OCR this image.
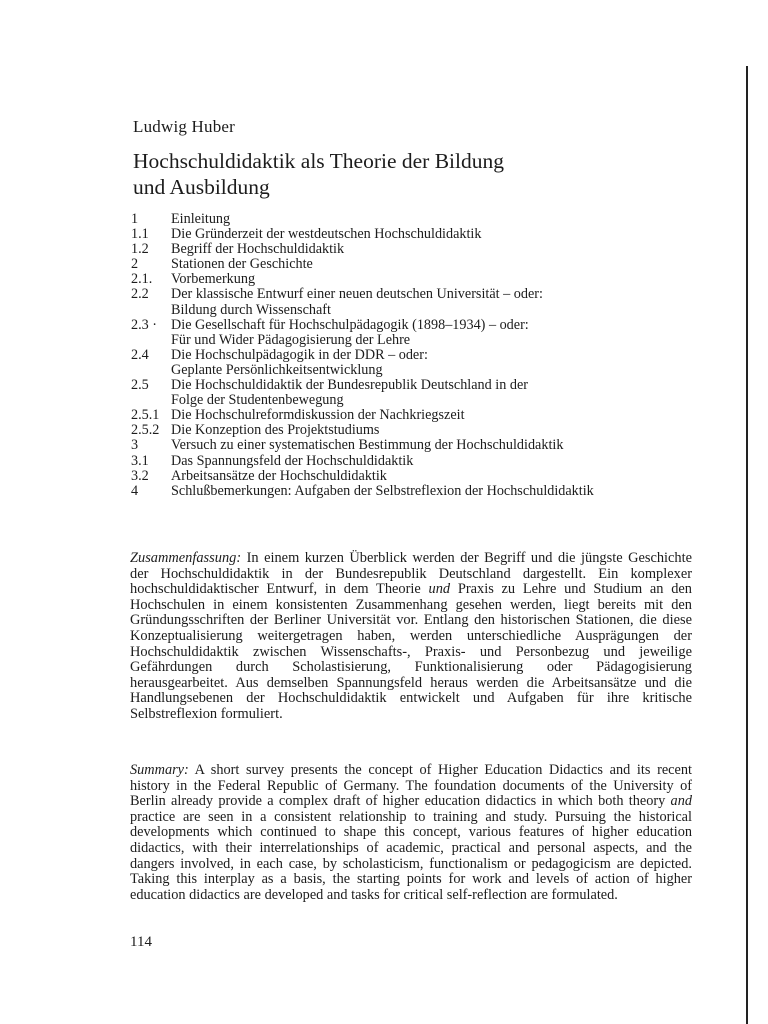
Ludwig Huber
Hochschuldidaktik als Theorie der Bildung
und Ausbildung
1	Einleitung
1.1	Die Gründerzeit der westdeutschen Hochschuldidaktik
1.2	Begriff der Hochschuldidaktik
2	Stationen der Geschichte
2.1.	Vorbemerkung
2.2	Der klassische Entwurf einer neuen deutschen Universität – oder:
Bildung durch Wissenschaft
2.3 · Die Gesellschaft für Hochschulpädagogik (1898–1934) – oder:
Für und Wider Pädagogisierung der Lehre
2.4	Die Hochschulpädagogik in der DDR – oder:
Geplante Persönlichkeitsentwicklung
2.5	Die Hochschuldidaktik der Bundesrepublik Deutschland in der
Folge der Studentenbewegung
2.5.1 Die Hochschulreformdiskussion der Nachkriegszeit
2.5.2 Die Konzeption des Projektstudiums
3	Versuch zu einer systematischen Bestimmung der Hochschuldidaktik
3.1	Das Spannungsfeld der Hochschuldidaktik
3.2	Arbeitsansätze der Hochschuldidaktik
4	Schlußbemerkungen: Aufgaben der Selbstreflexion der Hochschuldidaktik
Zusammenfassung: In einem kurzen Überblick werden der Begriff und die jüngste Geschichte der Hochschuldidaktik in der Bundesrepublik Deutschland dargestellt. Ein komplexer hochschuldidaktischer Entwurf, in dem Theorie und Praxis zu Lehre und Studium an den Hochschulen in einem konsistenten Zusammenhang gesehen werden, liegt bereits mit den Gründungsschriften der Berliner Universität vor. Entlang den historischen Stationen, die diese Konzeptualisierung weitergetragen haben, werden unterschiedliche Ausprägungen der Hochschuldidaktik zwischen Wissenschafts-, Praxis- und Personbezug und jeweilige Gefährdungen durch Scholastisierung, Funktionalisierung oder Pädagogisierung herausgearbeitet. Aus demselben Spannungsfeld heraus werden die Arbeitsansätze und die Handlungsebenen der Hochschuldidaktik entwickelt und Aufgaben für ihre kritische Selbstreflexion formuliert.
Summary: A short survey presents the concept of Higher Education Didactics and its recent history in the Federal Republic of Germany. The foundation documents of the University of Berlin already provide a complex draft of higher education didactics in which both theory and practice are seen in a consistent relationship to training and study. Pursuing the historical developments which continued to shape this concept, various features of higher education didactics, with their interrelationships of academic, practical and personal aspects, and the dangers involved, in each case, by scholasticism, functionalism or pedagogicism are depicted. Taking this interplay as a basis, the starting points for work and levels of action of higher education didactics are developed and tasks for critical self-reflection are formulated.
114
